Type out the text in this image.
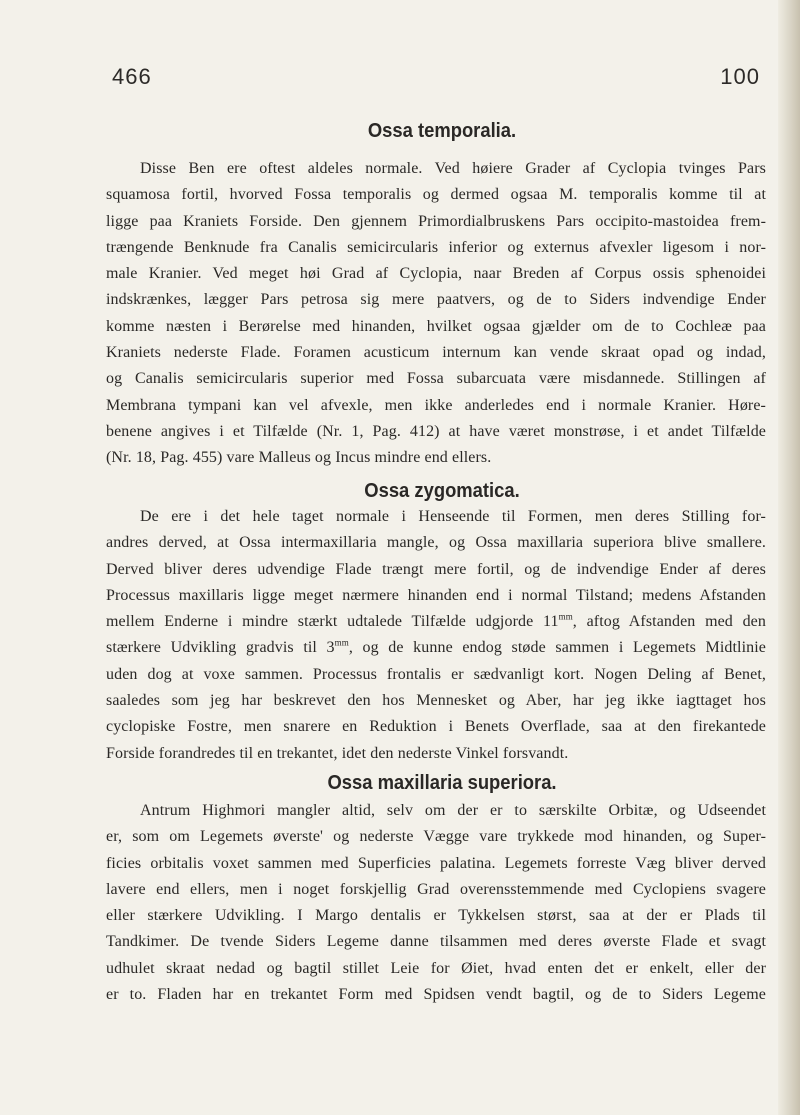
466	100
Ossa temporalia.
Disse Ben ere oftest aldeles normale. Ved høiere Grader af Cyclopia tvinges Pars
squamosa fortil, hvorved Fossa temporalis og dermed ogsaa M. temporalis komme til at
ligge paa Kraniets Forside. Den gjennem Primordialbruskens Pars occipito-mastoidea frem-
trængende Benknude fra Canalis semicircularis inferior og externus afvexler ligesom i nor-
male Kranier. Ved meget høi Grad af Cyclopia, naar Breden af Corpus ossis sphenoidei
indskrænkes, lægger Pars petrosa sig mere paatvers, og de to Siders indvendige Ender
komme næsten i Berørelse med hinanden, hvilket ogsaa gjælder om de to Cochleæ paa
Kraniets nederste Flade. Foramen acusticum internum kan vende skraat opad og indad,
og Canalis semicircularis superior med Fossa subarcuata være misdannede. Stillingen af
Membrana tympani kan vel afvexle, men ikke anderledes end i normale Kranier. Høre-
benene angives i et Tilfælde (Nr. 1, Pag. 412) at have været monstrøse, i et andet Tilfælde
(Nr. 18, Pag. 455) vare Malleus og Incus mindre end ellers.
Ossa zygomatica.
De ere i det hele taget normale i Henseende til Formen, men deres Stilling for-
andres derved, at Ossa intermaxillaria mangle, og Ossa maxillaria superiora blive smallere.
Derved bliver deres udvendige Flade trængt mere fortil, og de indvendige Ender af deres
Processus maxillaris ligge meget nærmere hinanden end i normal Tilstand; medens Afstanden
mellem Enderne i mindre stærkt udtalede Tilfælde udgjorde $11^{mm}$, aftog Afstanden med den
stærkere Udvikling gradvis til $3^{mm}$, og de kunne endog støde sammen i Legemets Midtlinie
uden dog at voxe sammen. Processus frontalis er sædvanligt kort. Nogen Deling af Benet,
saaledes som jeg har beskrevet den hos Mennesket og Aber, har jeg ikke iagttaget hos
cyclopiske Fostre, men snarere en Reduktion i Benets Overflade, saa at den firekantede
Forside forandredes til en trekantet, idet den nederste Vinkel forsvandt.
Ossa maxillaria superiora.
Antrum Highmori mangler altid, selv om der er to særskilte Orbitæ, og Udseendet
er, som om Legemets øverste' og nederste Vægge vare trykkede mod hinanden, og Super-
ficies orbitalis voxet sammen med Superficies palatina. Legemets forreste Væg bliver derved
lavere end ellers, men i noget forskjellig Grad overensstemmende med Cyclopiens svagere
eller stærkere Udvikling. I Margo dentalis er Tykkelsen størst, saa at der er Plads til
Tandkimer. De tvende Siders Legeme danne tilsammen med deres øverste Flade et svagt
udhulet skraat nedad og bagtil stillet Leie for Øiet, hvad enten det er enkelt, eller der
er to. Fladen har en trekantet Form med Spidsen vendt bagtil, og de to Siders Legeme
